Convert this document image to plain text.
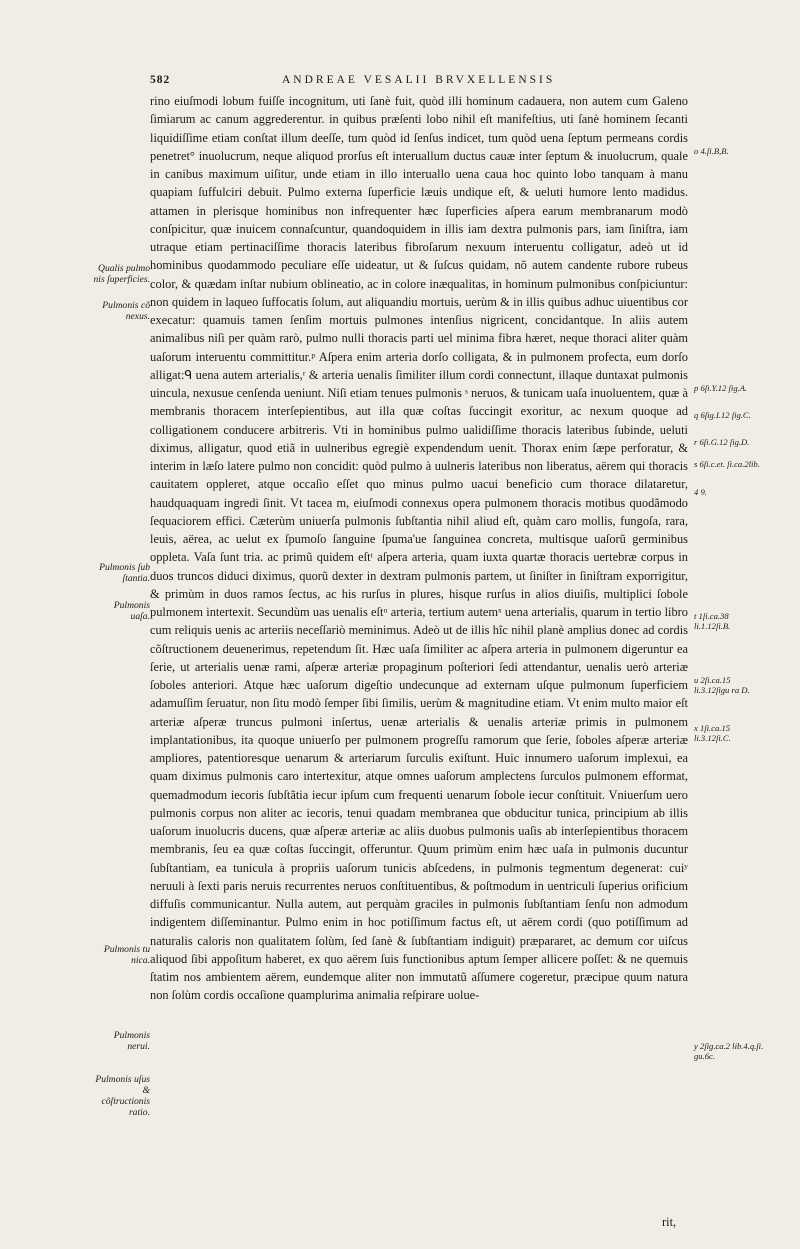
582	ANDREAE VESALII BRVXELLENSIS

rino eiuſmodi lobum fuiſſe incognitum, uti ſanè fuit, quòd illi hominum cadauera, non autem cum Galeno ſimiarum ac canum aggrederentur. in quibus præſenti lobo nihil eſt manifeſtius, uti ſanè hominem ſecanti liquidiſſime etiam conſtat illum deeſſe, tum quòd id ſenſus indicet, tum quòd uena ſeptum permeans cordis penetret° inuolucrum, neque aliquod prorſus eſt interuallum ductus cauæ inter ſeptum & inuolucrum, quale in canibus maximum uiſitur, unde etiam in illo interuallo uena caua hoc quinto lobo tanquam à manu quapiam ſuffulciri debuit. Pulmo externa ſuperficie læuis undique eſt, & ueluti humore lento madidus. attamen in plerisque hominibus non infrequenter hæc ſuperficies aſpera earum membranarum modò conſpicitur, quæ inuicem connaſcuntur, quandoquidem in illis iam dextra pulmonis pars, iam ſiniſtra, iam utraque etiam pertinaciſſime thoracis lateribus fibroſarum nexuum interuentu colligatur, adeò ut id hominibus quodammodo peculiare eſſe uideatur, ut & ſuſcus quidam, nõ autem candente rubore rubeus color, & quædam inſtar nubium oblineatio, ac in colore inæqualitas, in hominum pulmonibus conſpiciuntur: non quidem in laqueo ſuffocatis ſolum, aut aliquandiu mortuis, uerùm & in illis quibus adhuc uiuentibus cor execatur: quamuis tamen ſenſim mortuis pulmones intenſius nigricent, concidantque. In aliis autem animalibus niſi per quàm rarò, pulmo nulli thoracis parti uel minima fibra hæret, neque thoraci aliter quàm uaſorum interuentu committitur.ᵖ Aſpera enim arteria dorſo colligata, & in pulmonem profecta, eum dorſo alligat:ᑫ uena autem arterialis,ʳ & arteria uenalis ſimiliter illum cordi connectunt, illaque duntaxat pulmonis uincula, nexusue cenſenda ueniunt. Niſi etiam tenues pulmonis ˢ neruos, & tunicam uaſa inuoluentem, quæ à membranis thoracem interſepientibus, aut illa quæ coſtas ſuccingit exoritur, ac nexum quoque ad colligationem conducere arbitreris. Vti in hominibus pulmo ualidiſſime thoracis lateribus ſubinde, ueluti diximus, alligatur, quod etiã in uulneribus egregiè expendendum uenit. Thorax enim ſæpe perforatur, & interim in læſo latere pulmo non concidit: quòd pulmo à uulneris lateribus non liberatus, aërem qui thoracis cauitatem oppleret, atque occaſio eſſet quo minus pulmo uacui beneficio cum thorace dilataretur, haudquaquam ingredi ſinit. Vt tacea m, eiuſmodi connexus opera pulmonem thoracis motibus quodãmodo ſequaciorem effici. Cæterùm uniuerſa pulmonis ſubſtantia nihil aliud eſt, quàm caro mollis, fungoſa, rara, leuis, aërea, ac uelut ex ſpumoſo ſanguine ſpuma'ue ſanguinea concreta, multisque uaſorũ germinibus oppleta. Vaſa ſunt tria. ac primũ quidem eſtᵗ aſpera arteria, quam iuxta quartæ thoracis uertebræ corpus in duos truncos diduci diximus, quorũ dexter in dextram pulmonis partem, ut ſiniſter in ſiniſtram exporrigitur, & primùm in duos ramos ſectus, ac his rurſus in plures, hisque rurſus in alios diuiſis, multiplici ſobole pulmonem intertexit. Secundùm uas uenalis eſtᵘ arteria, tertium autemˣ uena arterialis, quarum in tertio libro cum reliquis uenis ac arteriis neceſſariò meminimus. Adeò ut de illis hîc nihil planè amplius donec ad cordis cõſtructionem deuenerimus, repetendum ſit. Hæc uaſa ſimiliter ac aſpera arteria in pulmonem digeruntur ea ſerie, ut arterialis uenæ rami, aſperæ arteriæ propaginum poſteriori ſedi attendantur, uenalis uerò arteriæ ſoboles anteriori. Atque hæc uaſorum digeſtio undecunque ad externam uſque pulmonum ſuperficiem adamuſſim ſeruatur, non ſitu modò ſemper ſibi ſimilis, uerùm & magnitudine etiam. Vt enim multo maior eſt arteriæ aſperæ truncus pulmoni inſertus, uenæ arterialis & uenalis arteriæ primis in pulmonem implantationibus, ita quoque uniuerſo per pulmonem progreſſu ramorum que ſerie, ſoboles aſperæ arteriæ ampliores, patentioresque uenarum & arteriarum ſurculis exiſtunt. Huic innumero uaſorum implexui, ea quam diximus pulmonis caro intertexitur, atque omnes uaſorum amplectens ſurculos pulmonem efformat, quemadmodum iecoris ſubſtãtia iecur ipſum cum frequenti uenarum ſobole iecur conſtituit. Vniuerſum uero pulmonis corpus non aliter ac iecoris, tenui quadam membranea que obducitur tunica, principium ab illis uaſorum inuolucris ducens, quæ aſperæ arteriæ ac aliis duobus pulmonis uaſis ab interſepientibus thoracem membranis, ſeu ea quæ coſtas ſuccingit, offeruntur. Quum primùm enim hæc uaſa in pulmonis ducuntur ſubſtantiam, ea tunicula à propriis uaſorum tunicis abſcedens, in pulmonis tegmentum degenerat: cuiʸ neruuli à ſexti paris neruis recurrentes neruos conſtituentibus, & poſtmodum in uentriculi ſuperius orificium diffuſis communicantur. Nulla autem, aut perquàm graciles in pulmonis ſubſtantiam ſenſu non admodum indigentem diſſeminantur. Pulmo enim in hoc potiſſimum factus eſt, ut aërem cordi (quo potiſſimum ad naturalis caloris non qualitatem ſolùm, ſed ſanè & ſubſtantiam indiguit) præpararet, ac demum cor uiſcus aliquod ſibi appoſitum haberet, ex quo aërem ſuis functionibus aptum ſemper allicere poſſet: & ne quemuis ſtatim nos ambientem aërem, eundemque aliter non immutatũ aſſumere cogeretur, præcipue quum natura non ſolùm cordis occaſione quamplurima animalia reſpirare uolue-

rit,
Qualis pulmo nis ſuperficies.
Pulmonis cõ nexus.
Pulmonis ſub ſtantia.
Pulmonis uaſa.
Pulmonis tu nica.
Pulmonis nerui.
Pulmonis uſus & cõſtructionis ratio.
o 4.ſi.B,B.
p 6ſi.Y.12 ſig.A.
q 6ſig.I.12 ſig.C.
r 6ſi.G.12 ſig.D.
s 6ſi.c.et. ſi.ca.2lib.
4 9.
t 1ſi.ca.38 li.1.12ſi.B.
u 2ſi.ca.15 li.3.12ſigu ra D.
x 1ſi.ca.15 li.3.12ſi.C.
y 2ſig.ca.2 lib.4.q.ſi. gu.6c.
